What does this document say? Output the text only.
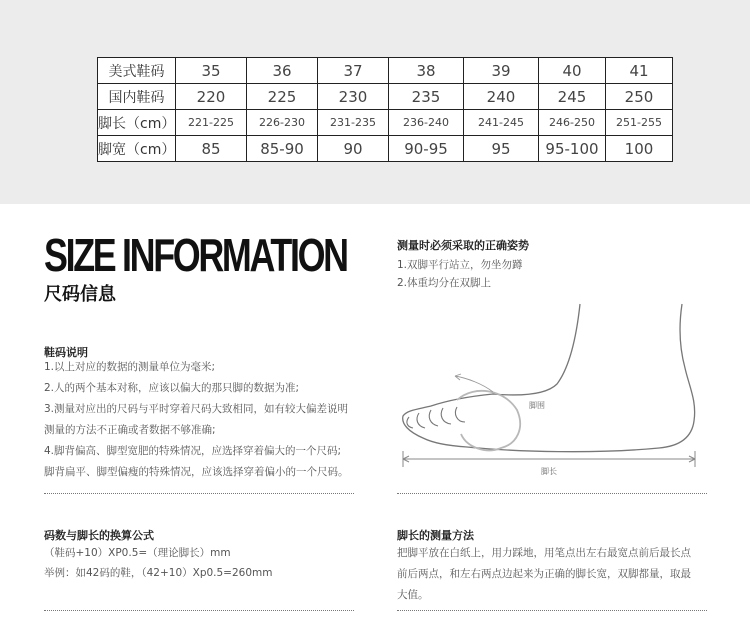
美式鞋码	35	36	37	38	39	40	41
国内鞋码	220	225	230	235	240	245	250
脚长（cm）	221-225	226-230	231-235	236-240	241-245	246-250	251-255
脚宽（cm）	85	85-90	90	90-95	95	95-100	100
SIZE INFORMATION
尺码信息
鞋码说明
1.以上对应的数据的测量单位为毫米;
2.人的两个基本对称，应该以偏大的那只脚的数据为准;
3.测量对应出的尺码与平时穿着尺码大致相同，如有较大偏差说明
测量的方法不正确或者数据不够准确;
4.脚背偏高、脚型宽肥的特殊情况，应选择穿着偏大的一个尺码;
脚背扁平、脚型偏瘦的特殊情况，应该选择穿着偏小的一个尺码。
测量时必须采取的正确姿势
1.双脚平行站立，勿坐勿蹲
2.体重均分在双脚上
脚围
脚长
码数与脚长的换算公式
（鞋码+10）XP0.5=（理论脚长）mm
举例：如42码的鞋，（42+10）Xp0.5=260mm
脚长的测量方法
把脚平放在白纸上，用力踩地，用笔点出左右最宽点前后最长点
前后两点，和左右两点边起来为正确的脚长宽，双脚都量，取最
大值。
